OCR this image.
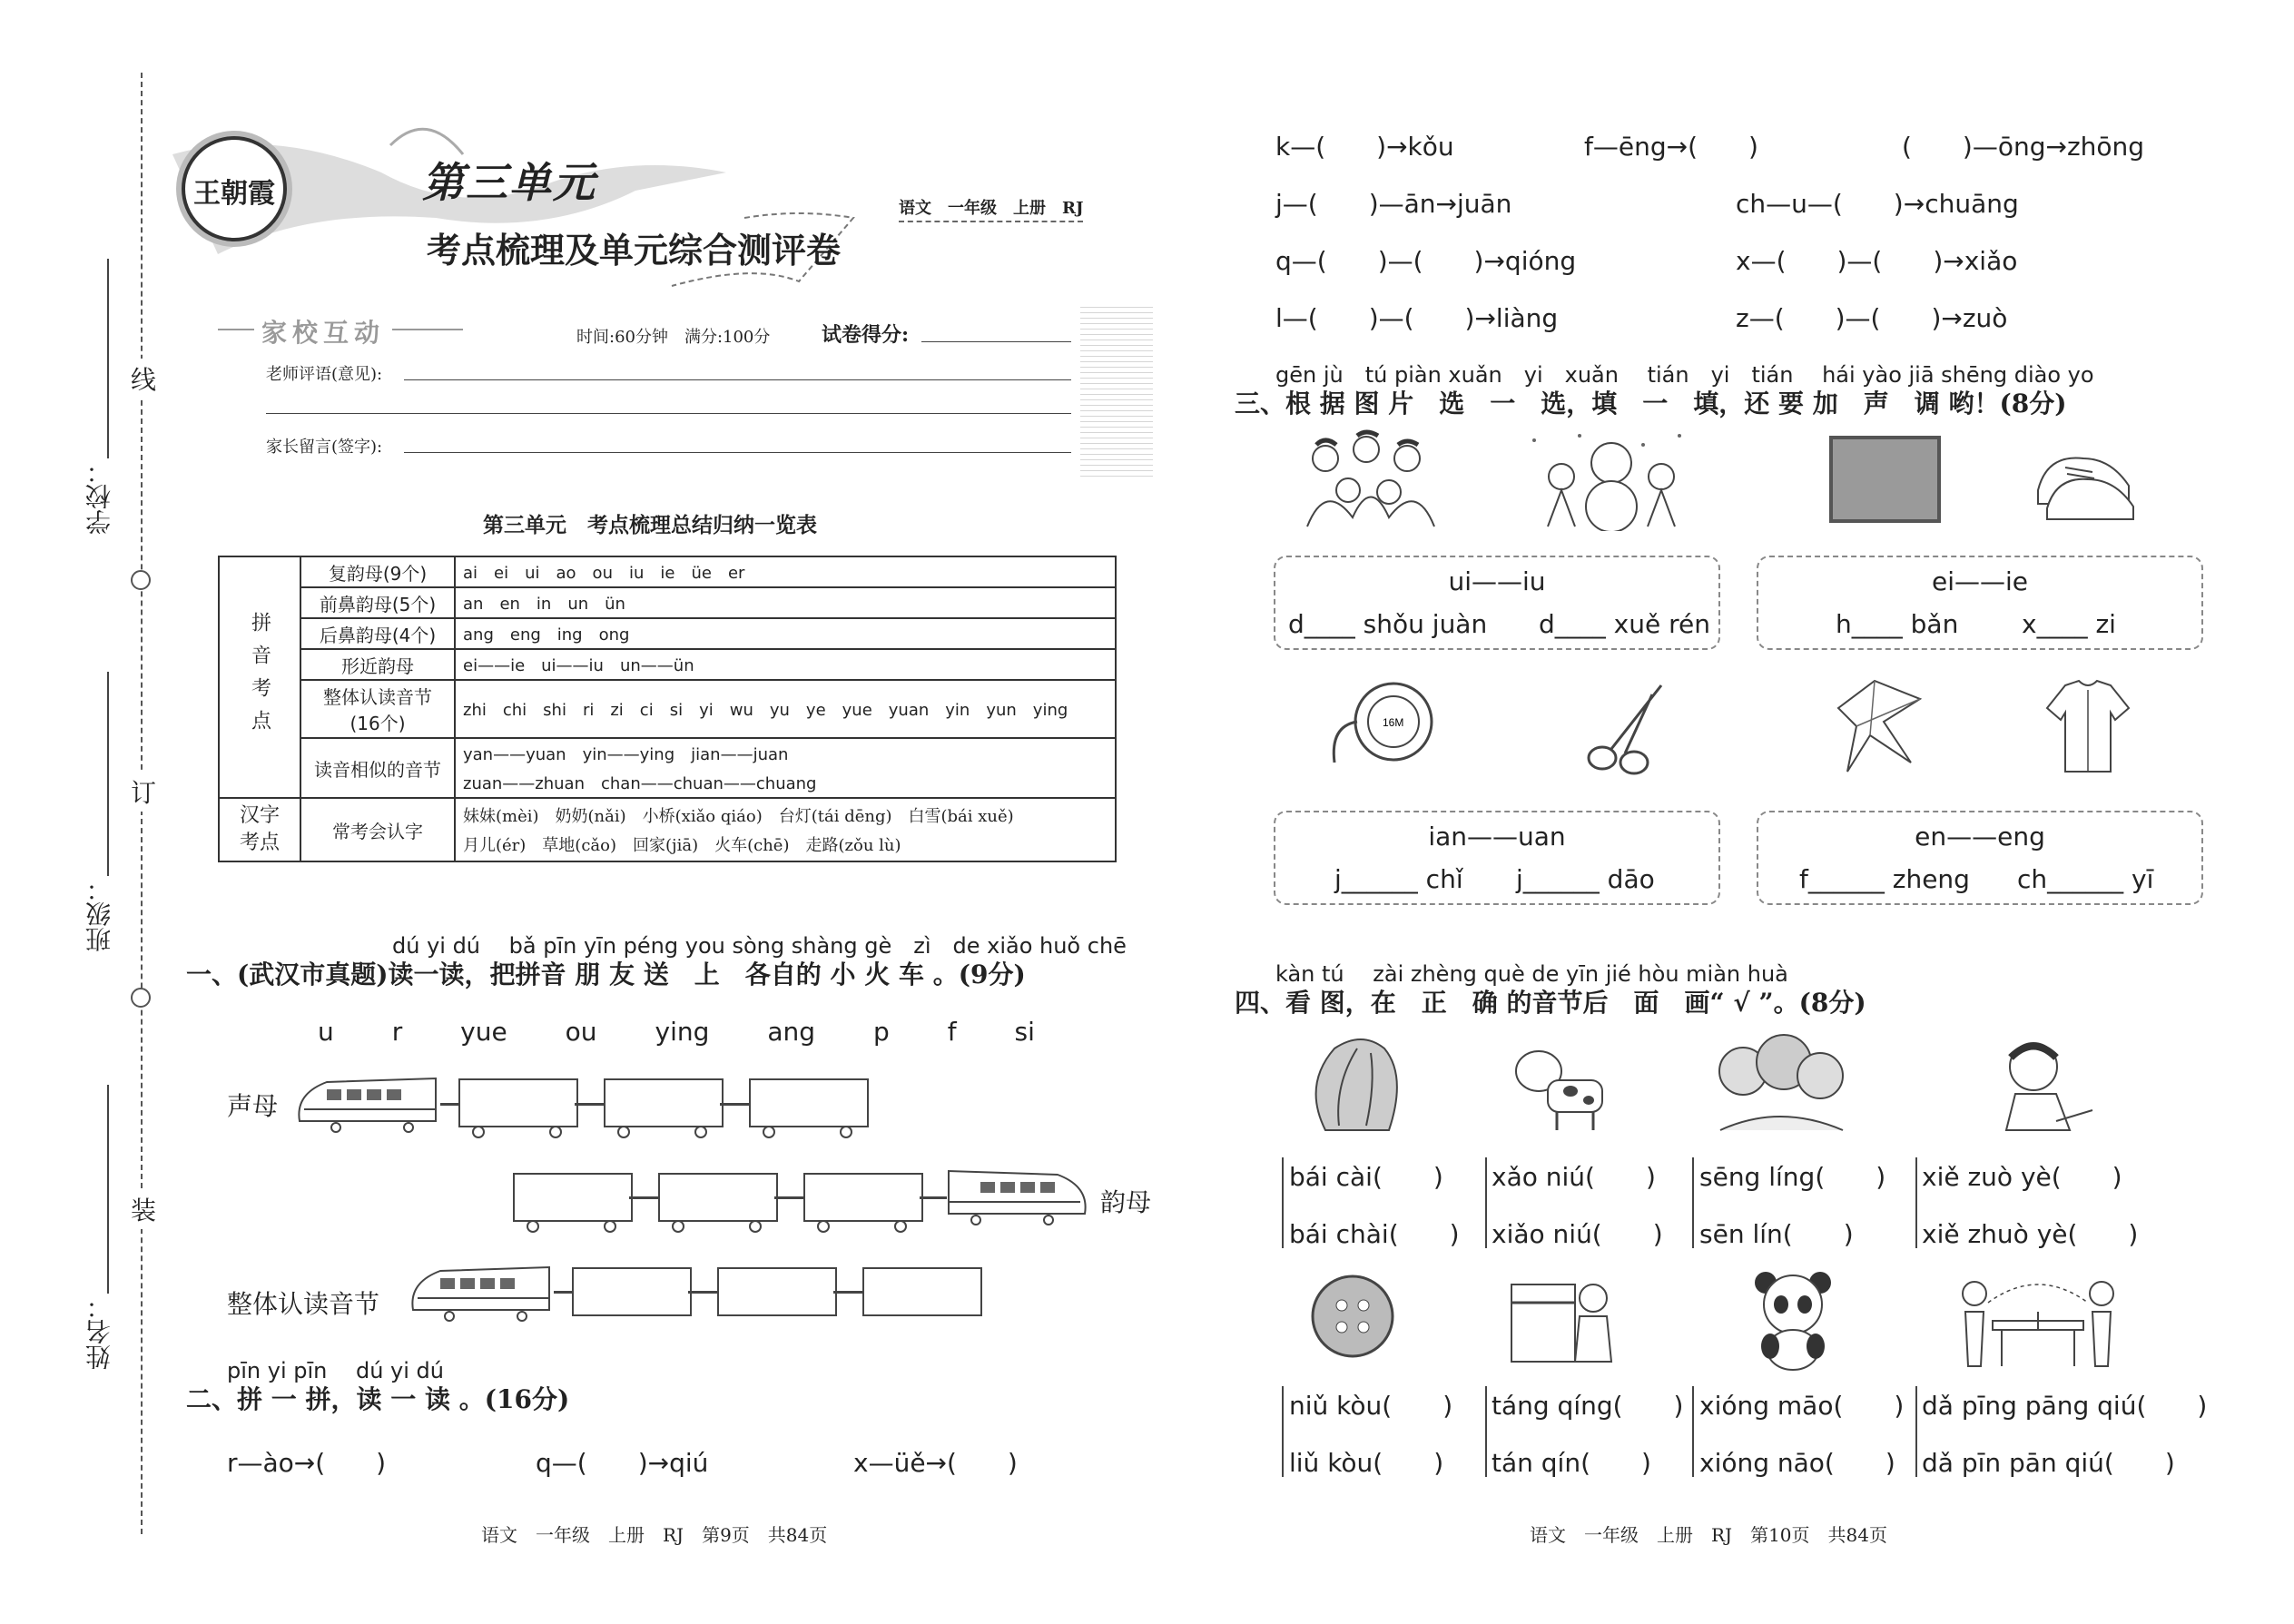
线
订
装
学校：
班级：
姓名：
王朝霞	第三单元
考点梳理及单元综合测评卷
语文　一年级　上册　RJ
家校互动	时间:60分钟　满分:100分	试卷得分:
老师评语(意见):
家长留言(签字):
第三单元　考点梳理总结归纳一览表
拼音考点	复韵母(9个)	ai　ei　ui　ao　ou　iu　ie　üe　er
	前鼻韵母(5个)	an　en　in　un　ün
	后鼻韵母(4个)	ang　eng　ing　ong
	形近韵母	ei——ie　ui——iu　un——ün
	整体认读音节(16个)	zhi　chi　shi　ri　zi　ci　si　yi　wu　yu　ye　yue　yuan　yin　yun　ying
	读音相似的音节	yan——yuan　yin——ying　jian——juan
zuan——zhuan　chan——chuan——chuang

汉字考点	常考会认字	妹妹(mèi)　奶奶(nǎi)　小桥(xiǎo qiáo)　台灯(tái dēng)　白雪(bái xuě)
月儿(ér)　草地(cǎo)　回家(jiā)　火车(chē)　走路(zǒu lù)
dú yi dú　 bǎ pīn yīn péng you sòng shàng gè　zì　de xiǎo huǒ chē
一、(武汉市真题)读一读，把拼音 朋 友 送　上　各自的 小 火 车 。(9分)
u r yue ou ying ang p f si
声母
韵母
整体认读音节
pīn yi pīn　 dú yi dú
二、拼 一 拼，读 一 读 。(16分)
r—ào→(　　)	q—(　　)→qiú	x—üě→(　　)
语文　一年级　上册　RJ　第9页　共84页
k—(　　)→kǒu	f—ēng→(　　)	(　　)—ōng→zhōng
j—(　　)—ān→juān	ch—u—(　　)→chuāng
q—(　　)—(　　)→qióng	x—(　　)—(　　)→xiǎo
l—(　　)—(　　)→liàng	z—(　　)—(　　)→zuò
gēn jù　tú piàn xuǎn　yi　xuǎn　 tián　yi　tián　 hái yào jiā shēng diào yo
三、根 据 图 片　选　一　选，填　一　填，还 要 加　声　调 哟！(8分)
ui——iu
d____ shǒu juàn d____ xuě rén
ei——ie
h____ bǎn x____ zi
16M
ian——uan
j______ chǐ j______ dāo
en——eng
f______ zheng ch______ yī
kàn tú　 zài zhèng què de yīn jié hòu miàn huà
四、看 图，在　正　确 的音节后　面　画“ √ ”。(8分)
bái cài(　　)
bái chài(　　)
xǎo niú(　　)
xiǎo niú(　　)
sēng líng(　　)
sēn lín(　　)
xiě zuò yè(　　)
xiě zhuò yè(　　)
niǔ kòu(　　)
liǔ kòu(　　)
táng qíng(　　)
tán qín(　　)
xióng māo(　　)
xióng nāo(　　)
dǎ pīng pāng qiú(　　)
dǎ pīn pān qiú(　　)
语文　一年级　上册　RJ　第10页　共84页
